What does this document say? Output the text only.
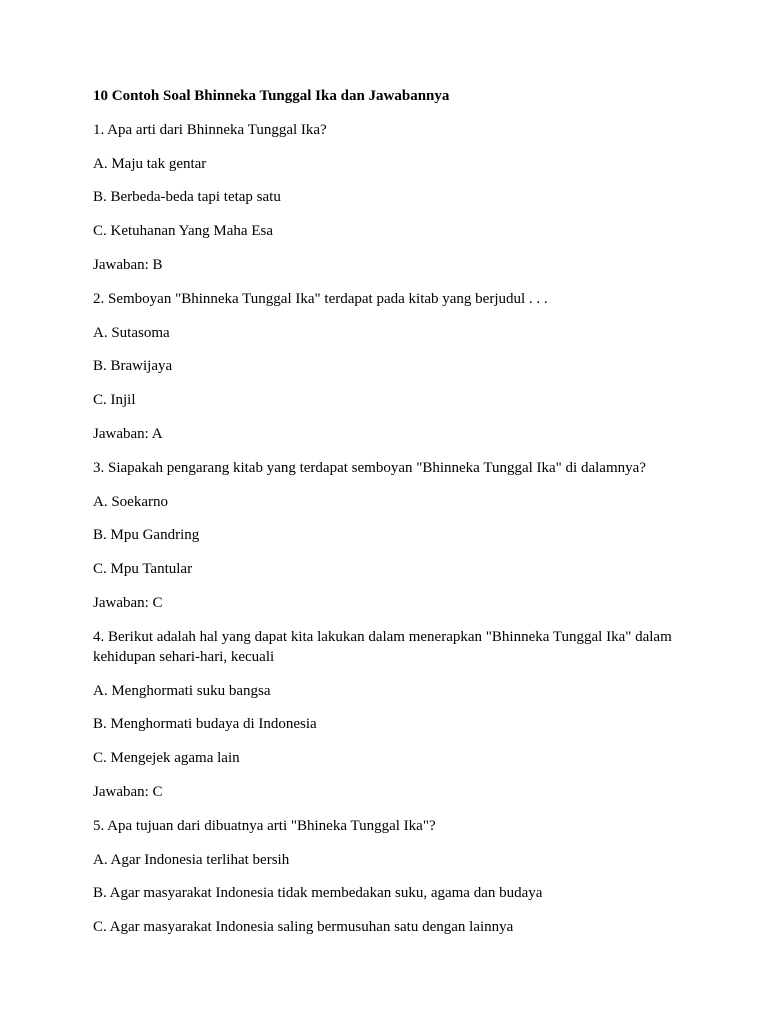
10 Contoh Soal Bhinneka Tunggal Ika dan Jawabannya
1. Apa arti dari Bhinneka Tunggal Ika?
A. Maju tak gentar
B. Berbeda-beda tapi tetap satu
C. Ketuhanan Yang Maha Esa
Jawaban: B
2. Semboyan "Bhinneka Tunggal Ika" terdapat pada kitab yang berjudul . . .
A. Sutasoma
B. Brawijaya
C. Injil
Jawaban: A
3. Siapakah pengarang kitab yang terdapat semboyan "Bhinneka Tunggal Ika" di dalamnya?
A. Soekarno
B. Mpu Gandring
C. Mpu Tantular
Jawaban: C
4. Berikut adalah hal yang dapat kita lakukan dalam menerapkan "Bhinneka Tunggal Ika" dalam kehidupan sehari-hari, kecuali
A. Menghormati suku bangsa
B. Menghormati budaya di Indonesia
C. Mengejek agama lain
Jawaban: C
5. Apa tujuan dari dibuatnya arti "Bhineka Tunggal Ika"?
A. Agar Indonesia terlihat bersih
B. Agar masyarakat Indonesia tidak membedakan suku, agama dan budaya
C. Agar masyarakat Indonesia saling bermusuhan satu dengan lainnya
